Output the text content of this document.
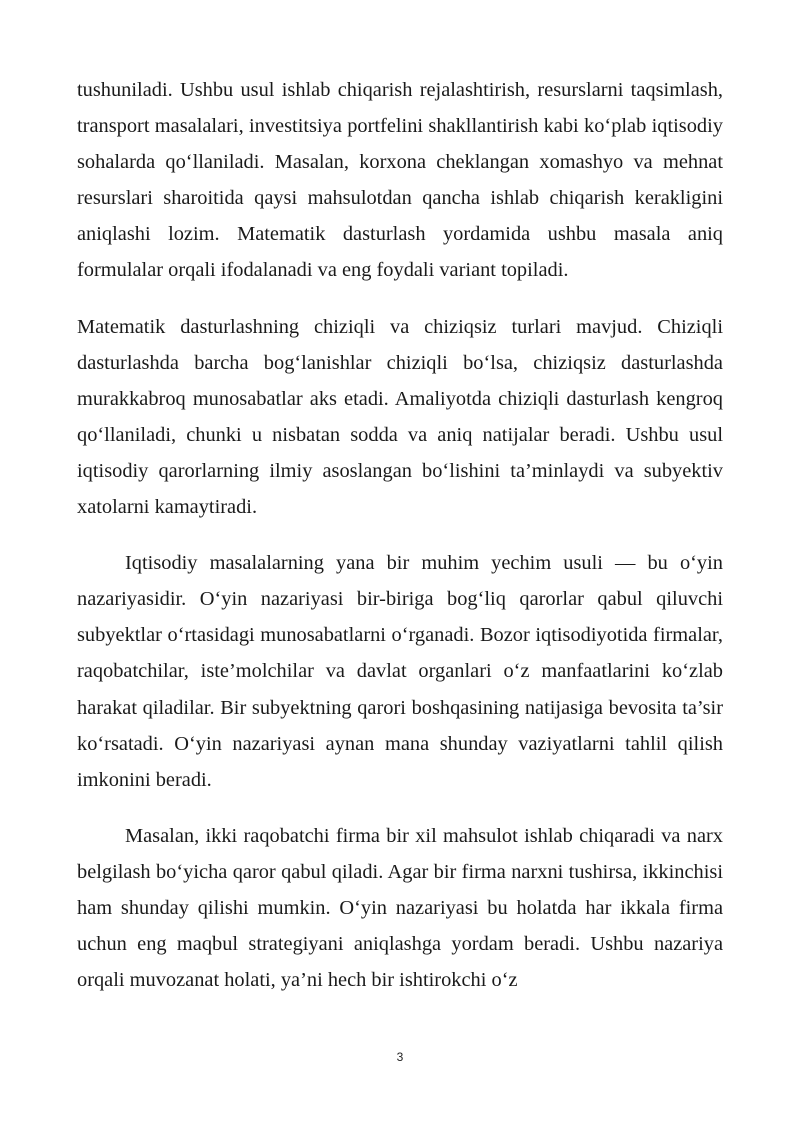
tushuniladi. Ushbu usul ishlab chiqarish rejalashtirish, resurslarni taqsimlash, transport masalalari, investitsiya portfelini shakllantirish kabi ko‘plab iqtisodiy sohalarda qo‘llaniladi. Masalan, korxona cheklangan xomashyo va mehnat resurslari sharoitida qaysi mahsulotdan qancha ishlab chiqarish kerakligini aniqlashi lozim. Matematik dasturlash yordamida ushbu masala aniq formulalar orqali ifodalanadi va eng foydali variant topiladi.

Matematik dasturlashning chiziqli va chiziqsiz turlari mavjud. Chiziqli dasturlashda barcha bog‘lanishlar chiziqli bo‘lsa, chiziqsiz dasturlashda murakkabroq munosabatlar aks etadi. Amaliyotda chiziqli dasturlash kengroq qo‘llaniladi, chunki u nisbatan sodda va aniq natijalar beradi. Ushbu usul iqtisodiy qarorlarning ilmiy asoslangan bo‘lishini ta’minlaydi va subyektiv xatolarni kamaytiradi.

Iqtisodiy masalalarning yana bir muhim yechim usuli — bu o‘yin nazariyasidir. O‘yin nazariyasi bir-biriga bog‘liq qarorlar qabul qiluvchi subyektlar o‘rtasidagi munosabatlarni o‘rganadi. Bozor iqtisodiyotida firmalar, raqobatchilar, iste’molchilar va davlat organlari o‘z manfaatlarini ko‘zlab harakat qiladilar. Bir subyektning qarori boshqasining natijasiga bevosita ta’sir ko‘rsatadi. O‘yin nazariyasi aynan mana shunday vaziyatlarni tahlil qilish imkonini beradi.

Masalan, ikki raqobatchi firma bir xil mahsulot ishlab chiqaradi va narx belgilash bo‘yicha qaror qabul qiladi. Agar bir firma narxni tushirsa, ikkinchisi ham shunday qilishi mumkin. O‘yin nazariyasi bu holatda har ikkala firma uchun eng maqbul strategiyani aniqlashga yordam beradi. Ushbu nazariya orqali muvozanat holati, ya’ni hech bir ishtirokchi o‘z

3
